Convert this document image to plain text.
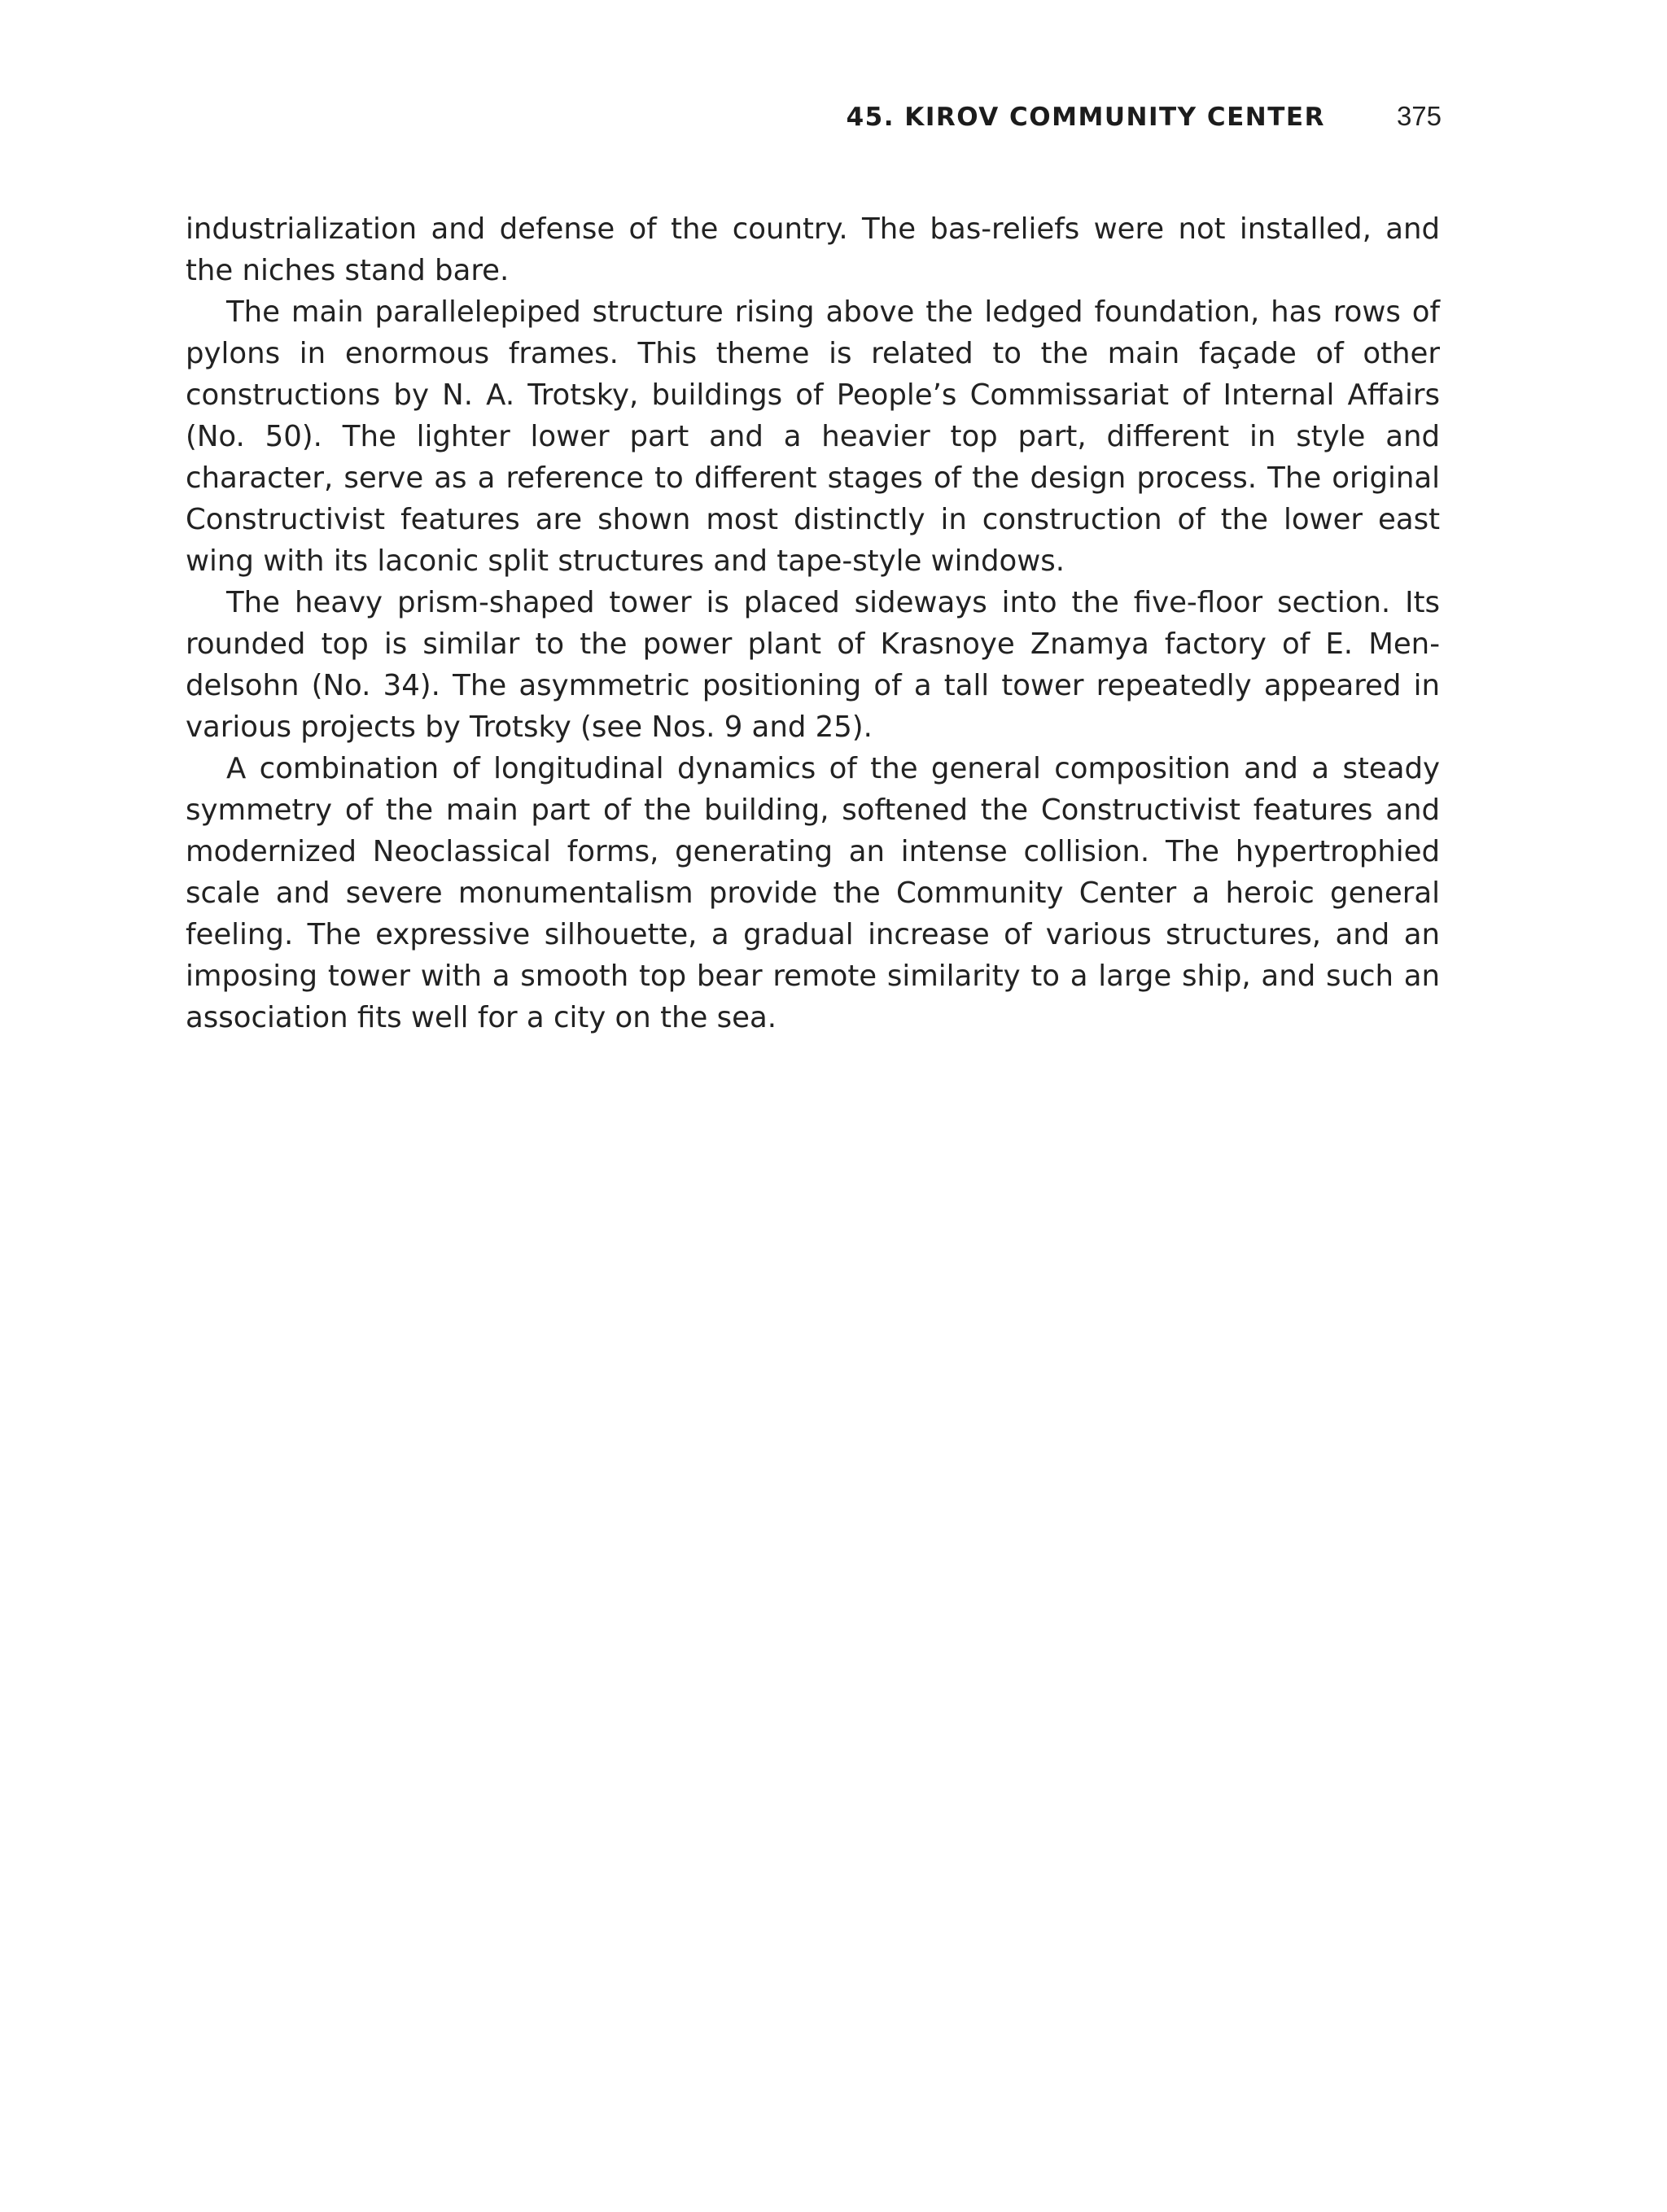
45. KIROV COMMUNITY CENTER	375

industrialization and defense of the country. The bas-reliefs were not installed, and the niches stand bare.

The main parallelepiped structure rising above the ledged foundation, has rows of pylons in enormous frames. This theme is related to the main façade of other constructions by N. A. Trotsky, buildings of People’s Commissariat of Internal Affairs (No. 50). The lighter lower part and a heavier top part, different in style and character, serve as a reference to different stages of the design process. The original Constructivist features are shown most distinctly in construction of the lower east wing with its laconic split structures and tape-style windows.

The heavy prism-shaped tower is placed sideways into the five-floor section. Its rounded top is similar to the power plant of Krasnoye Znamya factory of E. Mendelsohn (No. 34). The asymmetric positioning of a tall tower repeatedly appeared in various projects by Trotsky (see Nos. 9 and 25).

A combination of longitudinal dynamics of the general composition and a steady symmetry of the main part of the building, softened the Constructivist features and modernized Neoclassical forms, generating an intense collision. The hypertrophied scale and severe monumentalism provide the Community Center a heroic general feeling. The expressive silhouette, a gradual increase of various structures, and an imposing tower with a smooth top bear remote similarity to a large ship, and such an association fits well for a city on the sea.
